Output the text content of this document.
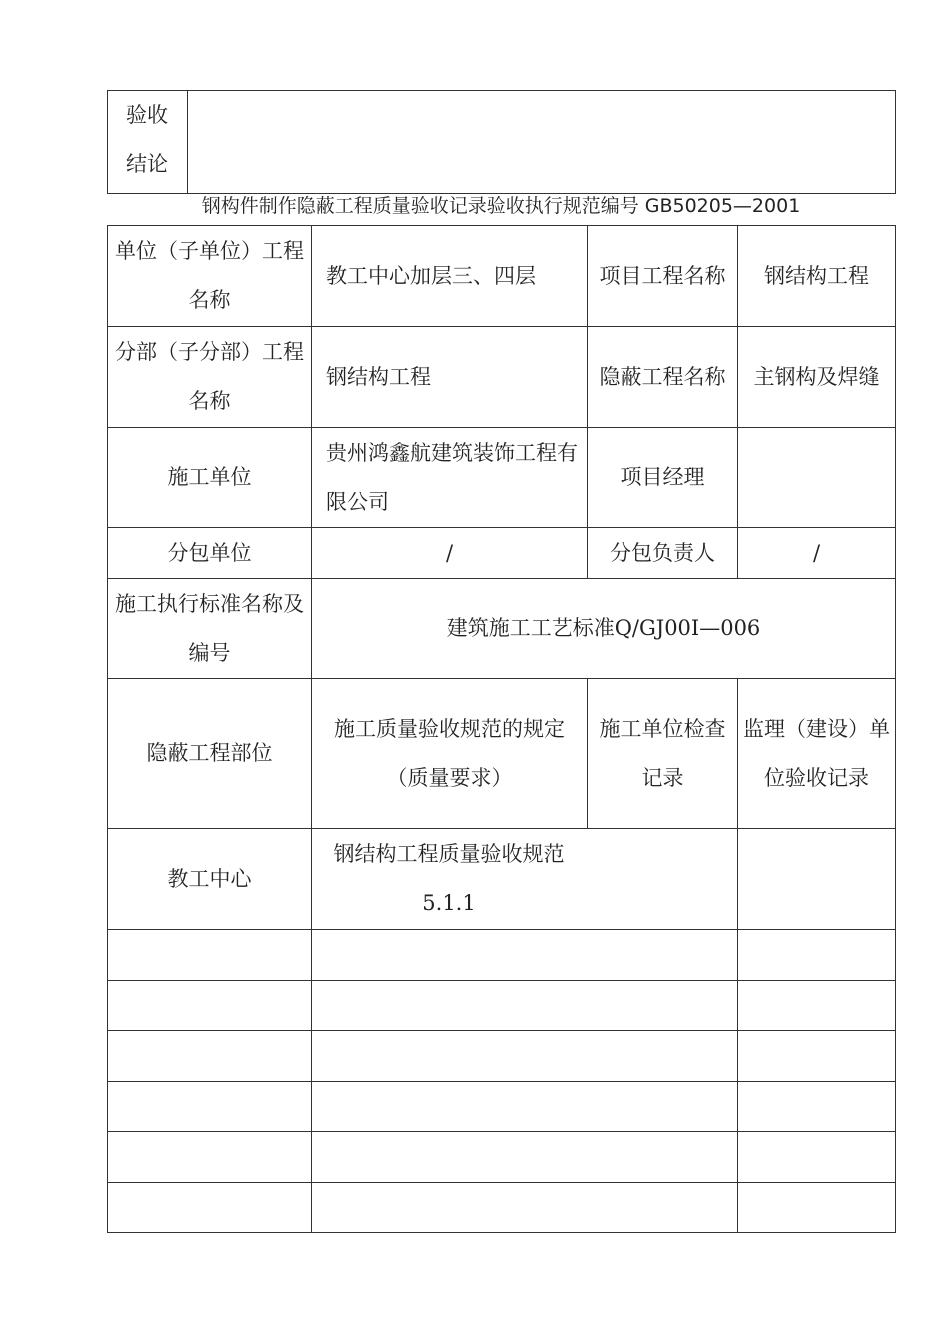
验收结论

钢构件制作隐蔽工程质量验收记录验收执行规范编号 GB50205—2001
单位（子单位）工程名称	教工中心加层三、四层	项目工程名称	钢结构工程

分部（子分部）工程名称	钢结构工程	隐蔽工程名称	主钢构及焊缝

施工单位	贵州鸿鑫航建筑装饰工程有限公司	项目经理	
分包单位	/	分包负责人	/

施工执行标准名称及编号	建筑施工工艺标准Q/GJ00I—006		
隐蔽工程部位	施工质量验收规范的规定（质量要求）	施工单位检查记录	监理（建设）单位验收记录

教工中心	钢结构工程质量验收规范5.1.1		
